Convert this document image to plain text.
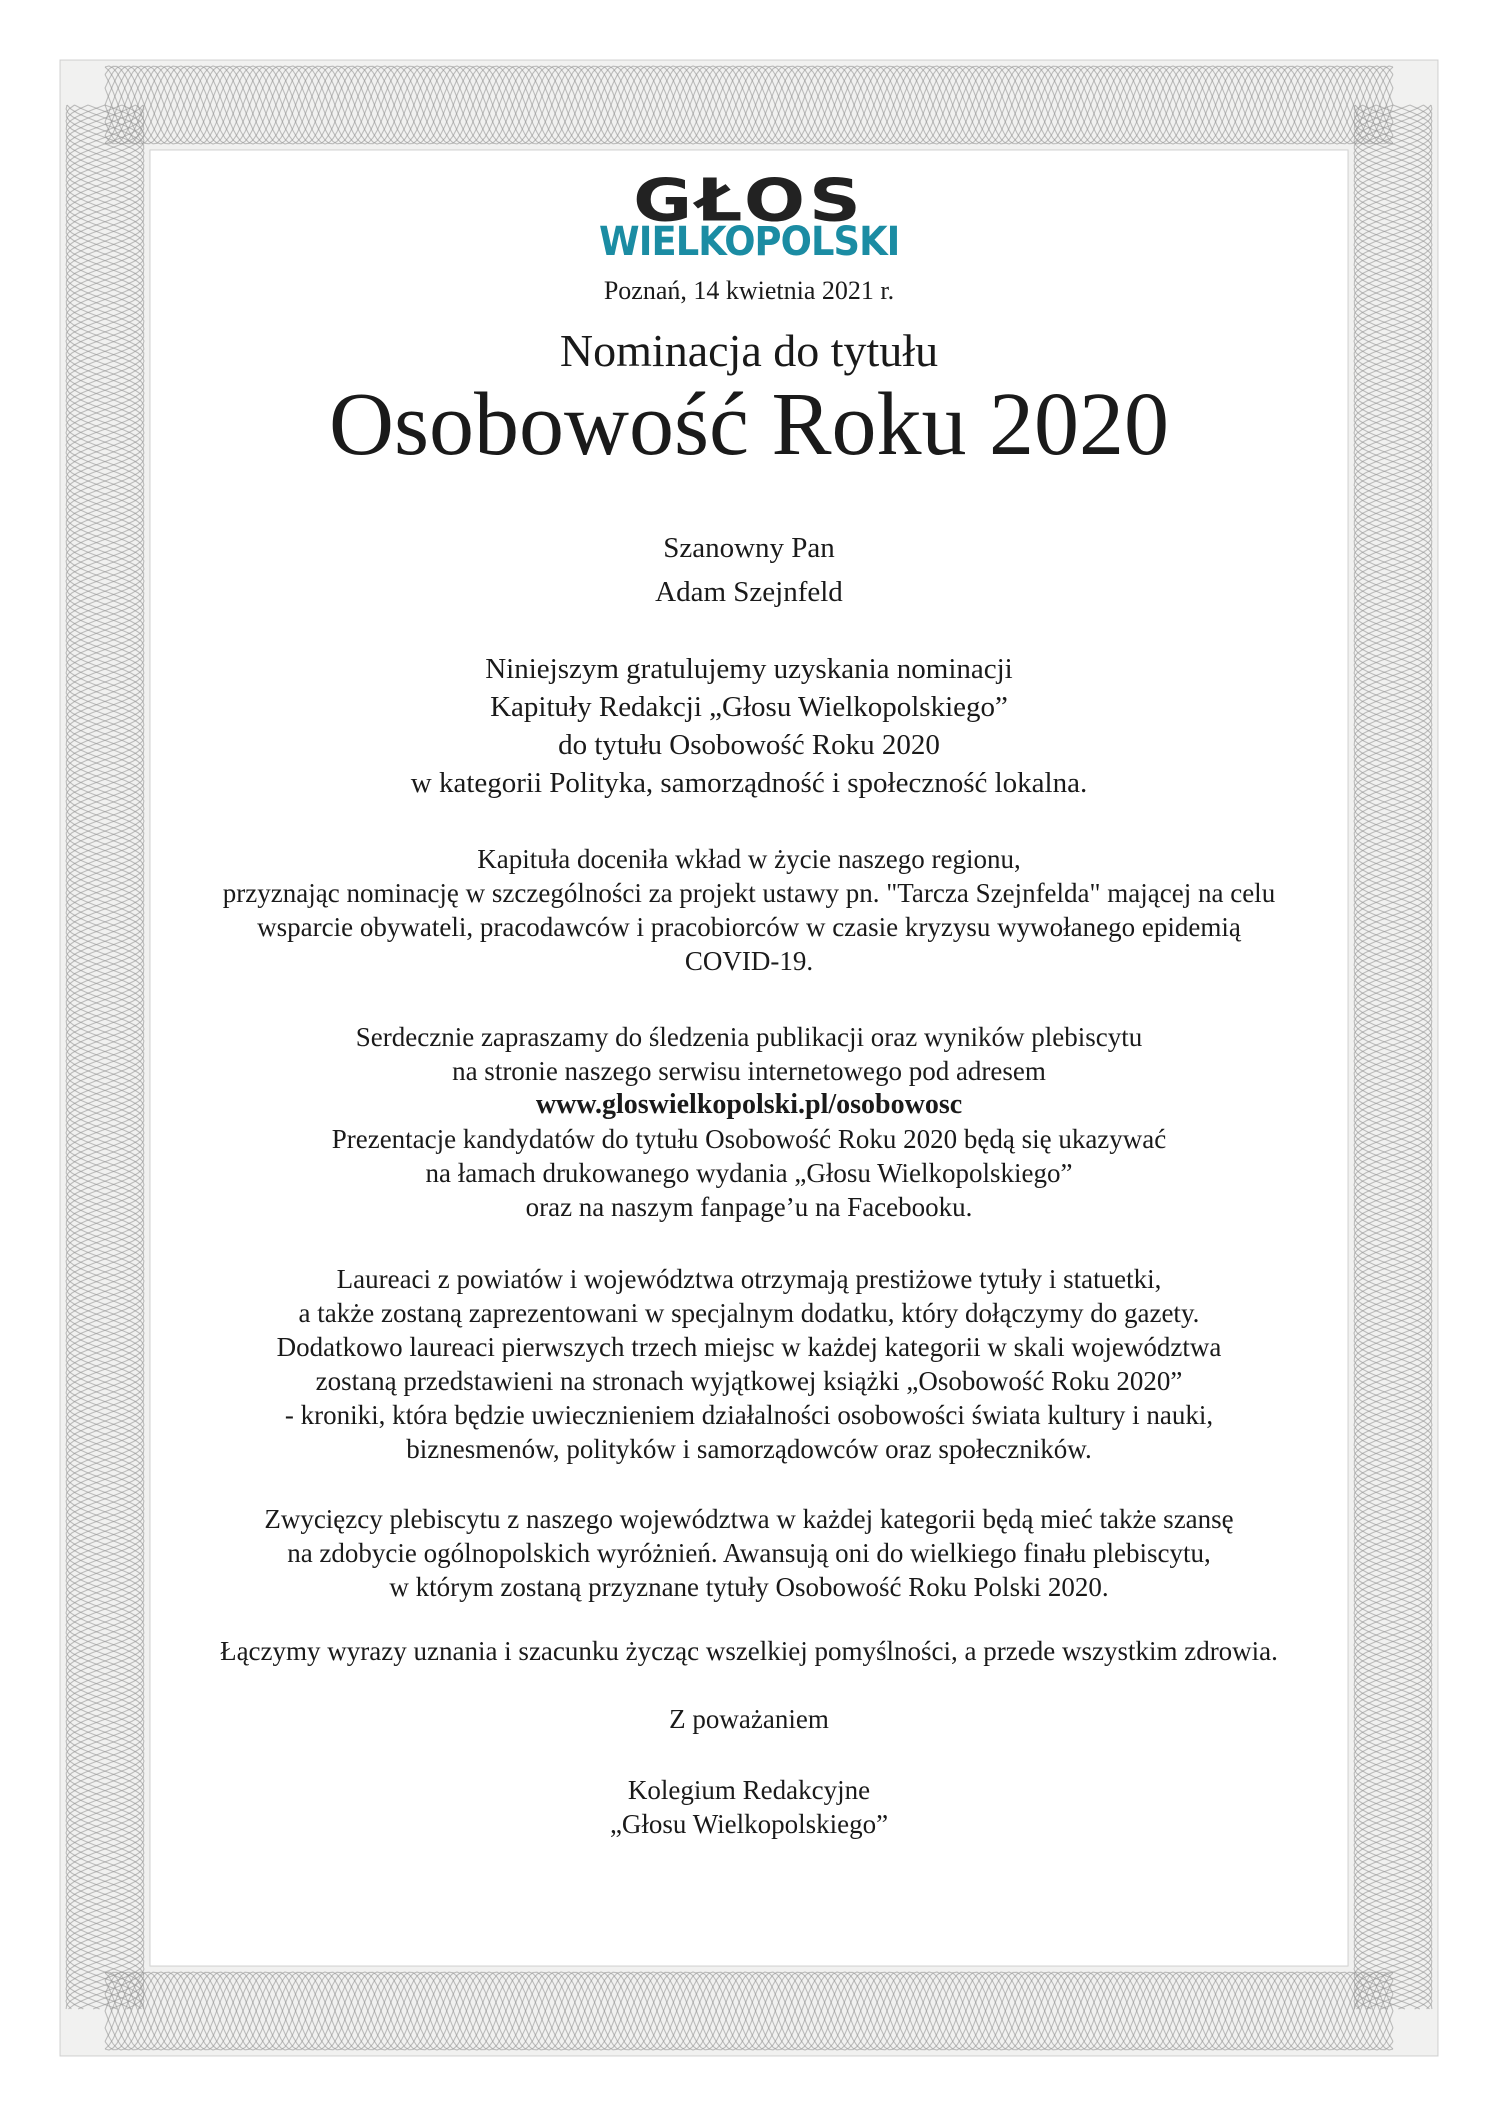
GŁOS
WIELKOPOLSKI
Poznań, 14 kwietnia 2021 r.
Nominacja do tytułu
Osobowość Roku 2020
Szanowny Pan
Adam Szejnfeld
Niniejszym gratulujemy uzyskania nominacji
Kapituły Redakcji „Głosu Wielkopolskiego”
do tytułu Osobowość Roku 2020
w kategorii Polityka, samorządność i społeczność lokalna.
Kapituła doceniła wkład w życie naszego regionu,
przyznając nominację w szczególności za projekt ustawy pn. "Tarcza Szejnfelda" mającej na celu
wsparcie obywateli, pracodawców i pracobiorców w czasie kryzysu wywołanego epidemią
COVID-19.
Serdecznie zapraszamy do śledzenia publikacji oraz wyników plebiscytu
na stronie naszego serwisu internetowego pod adresem
www.gloswielkopolski.pl/osobowosc
Prezentacje kandydatów do tytułu Osobowość Roku 2020 będą się ukazywać
na łamach drukowanego wydania „Głosu Wielkopolskiego”
oraz na naszym fanpage’u na Facebooku.
Laureaci z powiatów i województwa otrzymają prestiżowe tytuły i statuetki,
a także zostaną zaprezentowani w specjalnym dodatku, który dołączymy do gazety.
Dodatkowo laureaci pierwszych trzech miejsc w każdej kategorii w skali województwa
zostaną przedstawieni na stronach wyjątkowej książki „Osobowość Roku 2020”
- kroniki, która będzie uwiecznieniem działalności osobowości świata kultury i nauki,
biznesmenów, polityków i samorządowców oraz społeczników.
Zwycięzcy plebiscytu z naszego województwa w każdej kategorii będą mieć także szansę
na zdobycie ogólnopolskich wyróżnień. Awansują oni do wielkiego finału plebiscytu,
w którym zostaną przyznane tytuły Osobowość Roku Polski 2020.
Łączymy wyrazy uznania i szacunku życząc wszelkiej pomyślności, a przede wszystkim zdrowia.
Z poważaniem
Kolegium Redakcyjne
„Głosu Wielkopolskiego”
